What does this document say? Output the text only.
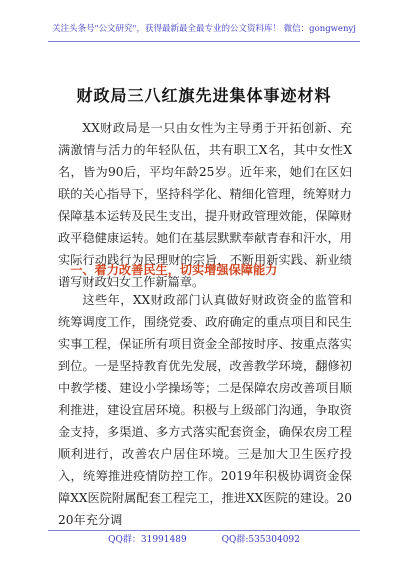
关注头条号"公文研究"，获得最新最全最专业的公文资料库！ 微信：gongwenyj
财政局三八红旗先进集体事迹材料

XX财政局是一只由女性为主导勇于开拓创新、充满激情与活力的年轻队伍，共有职工X名，其中女性X名，皆为90后，平均年龄25岁。近年来，她们在区妇联的关心指导下，坚持科学化、精细化管理，统筹财力保障基本运转及民生支出，提升财政管理效能，保障财政平稳健康运转。她们在基层默默奉献青春和汗水，用实际行动践行为民理财的宗旨，不断用新实践、新业绩谱写财政妇女工作新篇章。

一、着力改善民生，切实增强保障能力

这些年，XX财政部门认真做好财政资金的监管和统筹调度工作，围绕党委、政府确定的重点项目和民生实事工程，保证所有项目资金全部按时序、按重点落实到位。一是坚持教育优先发展，改善教学环境，翻修初中教学楼、建设小学操场等；二是保障农房改善项目顺利推进，建设宜居环境。积极与上级部门沟通，争取资金支持，多渠道、多方式落实配套资金，确保农房工程顺利进行，改善农户居住环境。三是加大卫生医疗投入，统筹推进疫情防控工作。2019年积极协调资金保障XX医院附属配套工程完工，推进XX医院的建设。2020年充分调

QQ群：31991489	QQ群:535304092
